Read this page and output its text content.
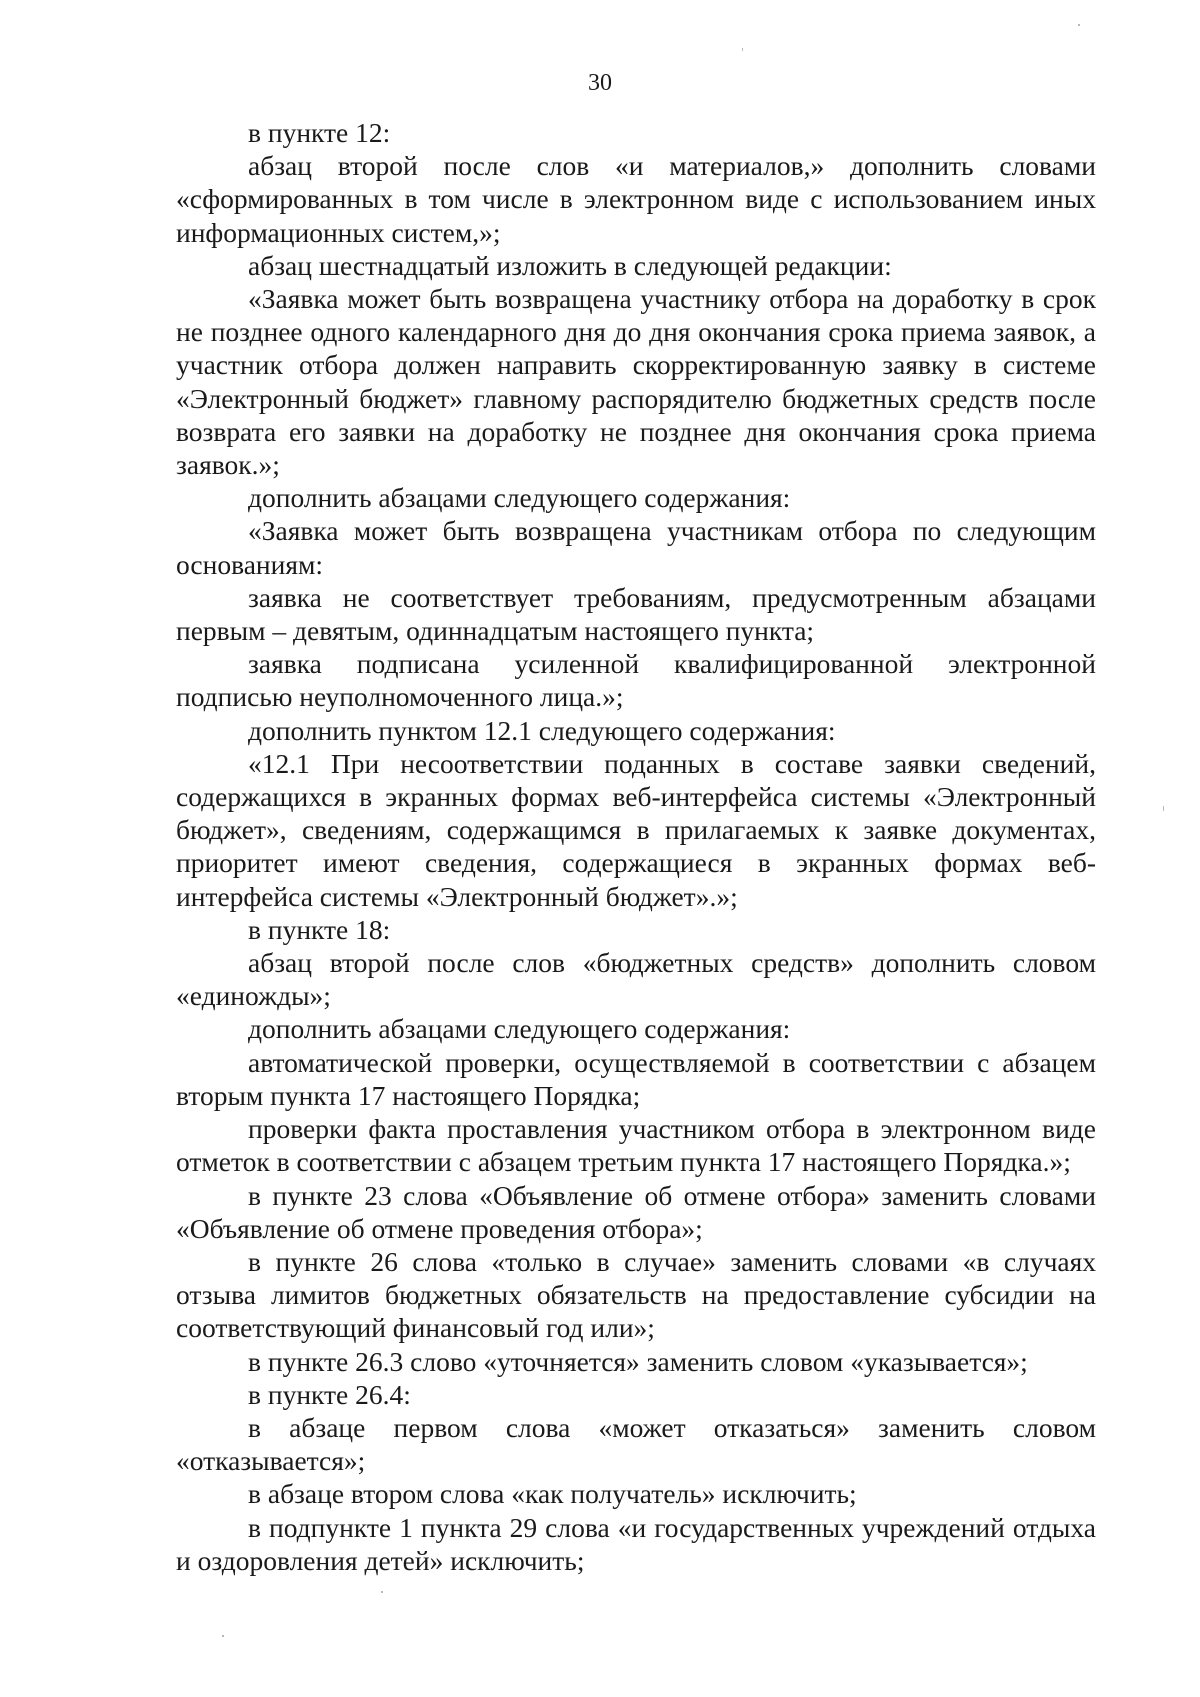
30

в пункте 12:

абзац второй после слов «и материалов,» дополнить словами «сформированных в том числе в электронном виде с использованием иных информационных систем,»;

абзац шестнадцатый изложить в следующей редакции:

«Заявка может быть возвращена участнику отбора на доработку в срок не позднее одного календарного дня до дня окончания срока приема заявок, а участник отбора должен направить скорректированную заявку в системе «Электронный бюджет» главному распорядителю бюджетных средств после возврата его заявки на доработку не позднее дня окончания срока приема заявок.»;

дополнить абзацами следующего содержания:

«Заявка может быть возвращена участникам отбора по следующим основаниям:

заявка не соответствует требованиям, предусмотренным абзацами первым – девятым, одиннадцатым настоящего пункта;

заявка подписана усиленной квалифицированной электронной подписью неуполномоченного лица.»;

дополнить пунктом 12.1 следующего содержания:

«12.1 При несоответствии поданных в составе заявки сведений, содержащихся в экранных формах веб-интерфейса системы «Электронный бюджет», сведениям, содержащимся в прилагаемых к заявке документах, приоритет имеют сведения, содержащиеся в экранных формах веб-интерфейса системы «Электронный бюджет».»;

в пункте 18:

абзац второй после слов «бюджетных средств» дополнить словом «единожды»;

дополнить абзацами следующего содержания:

автоматической проверки, осуществляемой в соответствии с абзацем вторым пункта 17 настоящего Порядка;

проверки факта проставления участником отбора в электронном виде отметок в соответствии с абзацем третьим пункта 17 настоящего Порядка.»;

в пункте 23 слова «Объявление об отмене отбора» заменить словами «Объявление об отмене проведения отбора»;

в пункте 26 слова «только в случае» заменить словами «в случаях отзыва лимитов бюджетных обязательств на предоставление субсидии на соответствующий финансовый год или»;

в пункте 26.3 слово «уточняется» заменить словом «указывается»;

в пункте 26.4:

в абзаце первом слова «может отказаться» заменить словом «отказывается»;

в абзаце втором слова «как получатель» исключить;

в подпункте 1 пункта 29 слова «и государственных учреждений отдыха и оздоровления детей» исключить;
